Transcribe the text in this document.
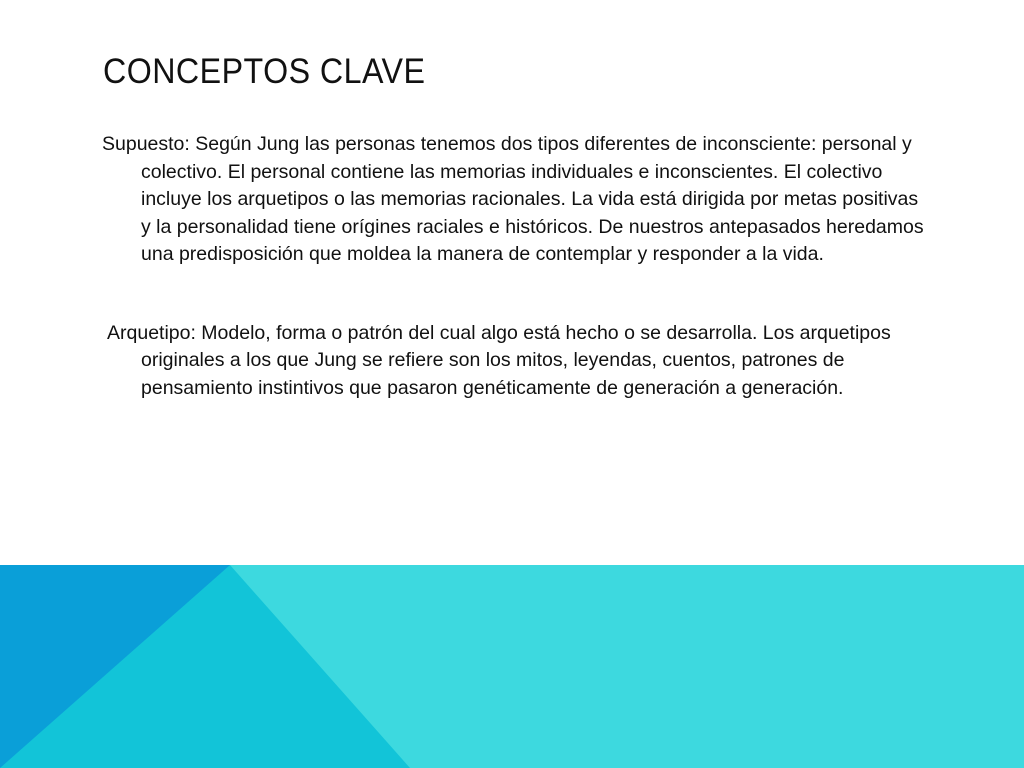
CONCEPTOS CLAVE

Supuesto: Según Jung las personas tenemos dos tipos diferentes de inconsciente: personal y colectivo. El personal contiene las memorias individuales e inconscientes. El colectivo incluye los arquetipos o las memorias racionales. La vida está dirigida por metas positivas y la personalidad tiene orígines raciales e históricos. De nuestros antepasados heredamos una predisposición que moldea la manera de contemplar y responder a la vida.

Arquetipo: Modelo, forma o patrón del cual algo está hecho o se desarrolla. Los arquetipos originales a los que Jung se refiere son los mitos, leyendas, cuentos, patrones de pensamiento instintivos que pasaron genéticamente de generación a generación.
